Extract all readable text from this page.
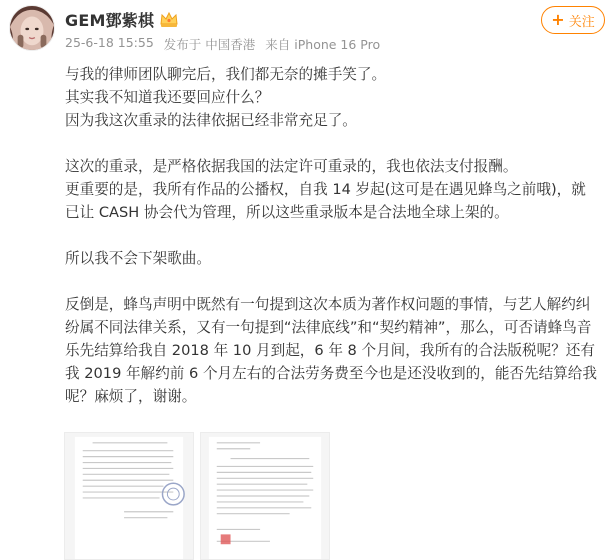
GEM鄧紫棋
25-6-18 15:55 发布于 中国香港 来自 iPhone 16 Pro
+ 关注
与我的律师团队聊完后，我们都无奈的摊手笑了。
其实我不知道我还要回应什么？
因为我这次重录的法律依据已经非常充足了。
这次的重录，是严格依据我国的法定许可重录的，我也依法支付报酬。
更重要的是，我所有作品的公播权，自我 14 岁起(这可是在遇见蜂鸟之前哦)，就
已让 CASH 协会代为管理，所以这些重录版本是合法地全球上架的。
所以我不会下架歌曲。
反倒是，蜂鸟声明中既然有一句提到这次本质为著作权问题的事情，与艺人解约纠
纷属不同法律关系，又有一句提到“法律底线”和“契约精神”，那么，可否请蜂鸟音
乐先结算给我自 2018 年 10 月到起，6 年 8 个月间，我所有的合法版税呢？还有
我 2019 年解约前 6 个月左右的合法劳务费至今也是还没收到的，能否先结算给我
呢？麻烦了，谢谢。
